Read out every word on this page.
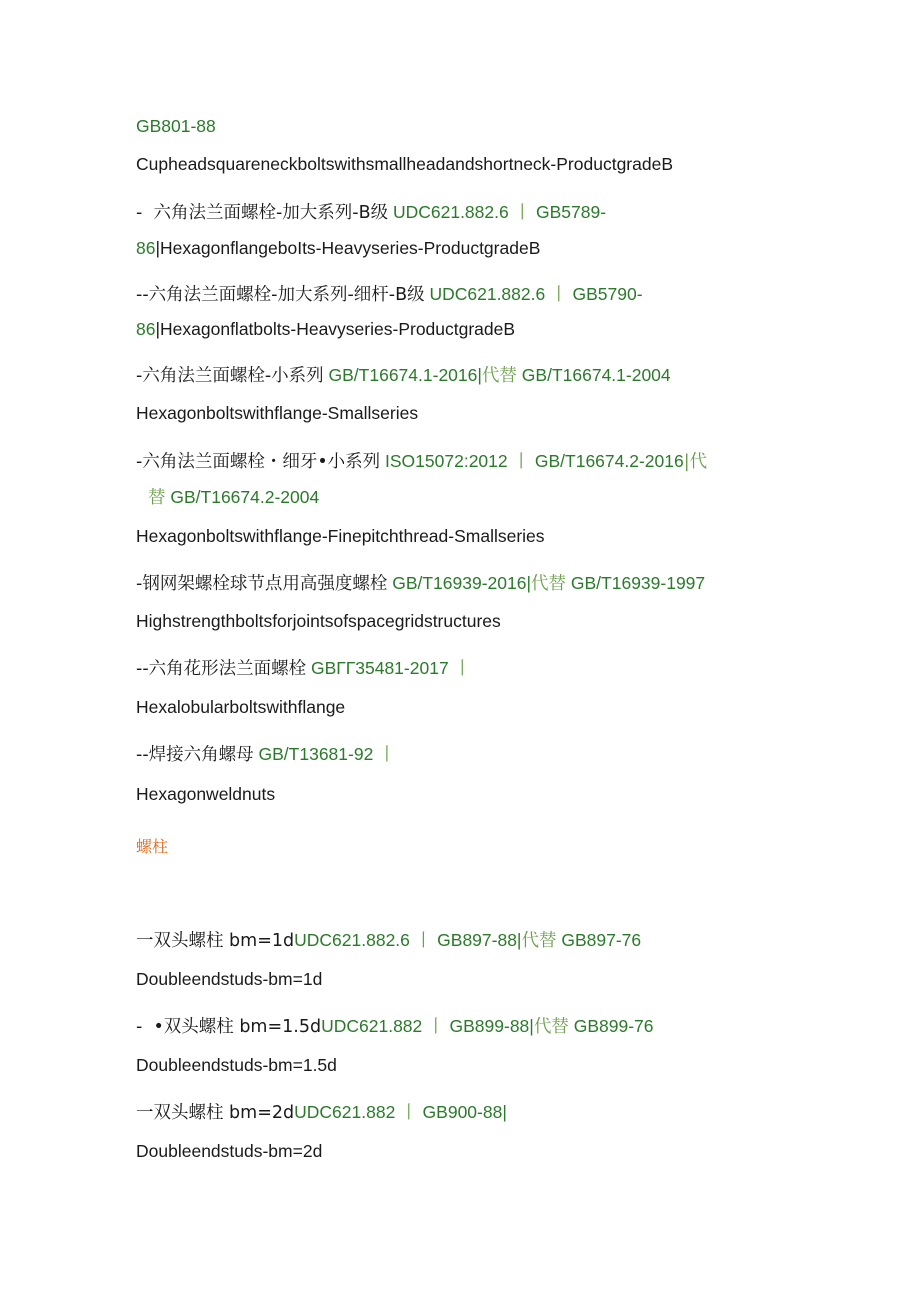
GB801-88
Cupheadsquareneckboltswithsmallheadandshortneck-ProductgradeB
-  六角法兰面螺栓-加大系列-B级 UDC621.882.6 丨 GB5789-
86|HexagonflangeboIts-Heavyseries-ProductgradeB
--六角法兰面螺栓-加大系列-细杆-B级 UDC621.882.6 丨 GB5790-
86|Hexagonflatbolts-Heavyseries-ProductgradeB
-六角法兰面螺栓-小系列 GB/T16674.1-2016|代替 GB/T16674.1-2004
Hexagonboltswithflange-Smallseries
-六角法兰面螺栓・细牙•小系列 ISO15072:2012 丨 GB/T16674.2-2016|代
替 GB/T16674.2-2004
Hexagonboltswithflange-Finepitchthread-Smallseries
-钢网架螺栓球节点用高强度螺栓 GB/T16939-2016|代替 GB/T16939-1997
Highstrengthboltsforjointsofspacegridstructures
--六角花形法兰面螺栓 GBГГ35481-2017 丨
Hexalobularboltswithflange
--焊接六角螺母 GB/T13681-92 丨
Hexagonweldnuts
螺柱
一双头螺柱 bm=1dUDC621.882.6 丨 GB897-88|代替 GB897-76
Doubleendstuds-bm=1d
-  •双头螺柱 bm=1.5dUDC621.882 丨 GB899-88|代替 GB899-76
Doubleendstuds-bm=1.5d
一双头螺柱 bm=2dUDC621.882 丨 GB900-88|
Doubleendstuds-bm=2d
